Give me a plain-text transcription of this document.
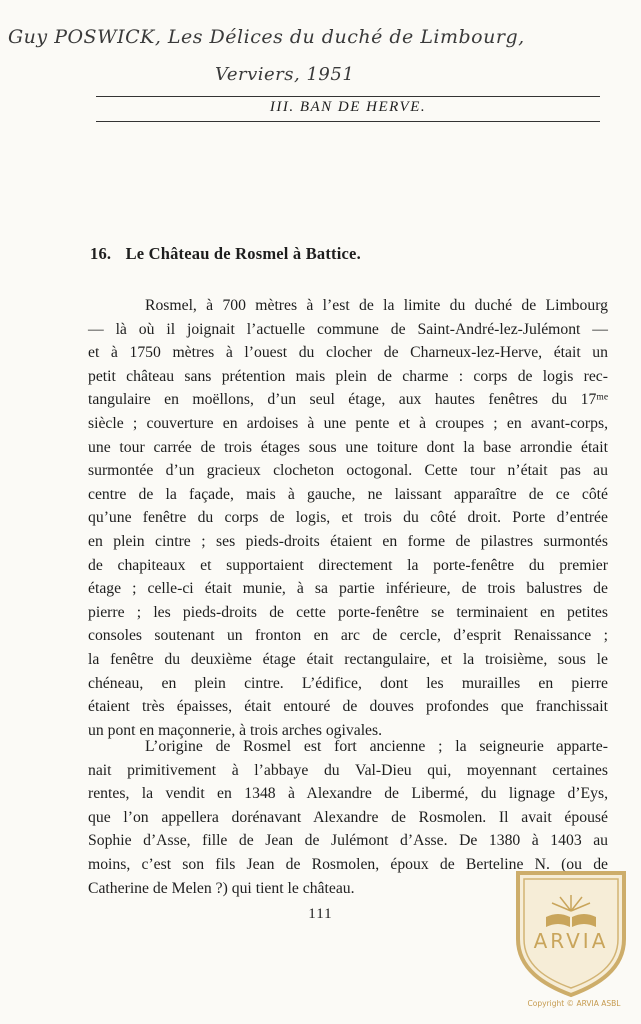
Guy POSWICK, Les Délices du duché de Limbourg,
Verviers, 1951
III. BAN DE HERVE.
16. Le Château de Rosmel à Battice.
Rosmel, à 700 mètres à l’est de la limite du duché de Limbourg
— là où il joignait l’actuelle commune de Saint-André-lez-Julémont —
et à 1750 mètres à l’ouest du clocher de Charneux-lez-Herve, était un
petit château sans prétention mais plein de charme : corps de logis rec-
tangulaire en moëllons, d’un seul étage, aux hautes fenêtres du 17ᵐᵉ
siècle ; couverture en ardoises à une pente et à croupes ; en avant-corps,
une tour carrée de trois étages sous une toiture dont la base arrondie était
surmontée d’un gracieux clocheton octogonal. Cette tour n’était pas au
centre de la façade, mais à gauche, ne laissant apparaître de ce côté
qu’une fenêtre du corps de logis, et trois du côté droit. Porte d’entrée
en plein cintre ; ses pieds-droits étaient en forme de pilastres surmontés
de chapiteaux et supportaient directement la porte-fenêtre du premier
étage ; celle-ci était munie, à sa partie inférieure, de trois balustres de
pierre ; les pieds-droits de cette porte-fenêtre se terminaient en petites
consoles soutenant un fronton en arc de cercle, d’esprit Renaissance ;
la fenêtre du deuxième étage était rectangulaire, et la troisième, sous le
chéneau, en plein cintre. L’édifice, dont les murailles en pierre
étaient très épaisses, était entouré de douves profondes que franchissait
un pont en maçonnerie, à trois arches ogivales.
L’origine de Rosmel est fort ancienne ; la seigneurie apparte-
nait primitivement à l’abbaye du Val-Dieu qui, moyennant certaines
rentes, la vendit en 1348 à Alexandre de Libermé, du lignage d’Eys,
que l’on appellera dorénavant Alexandre de Rosmolen. Il avait épousé
Sophie d’Asse, fille de Jean de Julémont d’Asse. De 1380 à 1403 au
moins, c’est son fils Jean de Rosmolen, époux de Berteline N. (ou de
Catherine de Melen ?) qui tient le château.
111
ARVIA
Copyright © ARVIA ASBL
